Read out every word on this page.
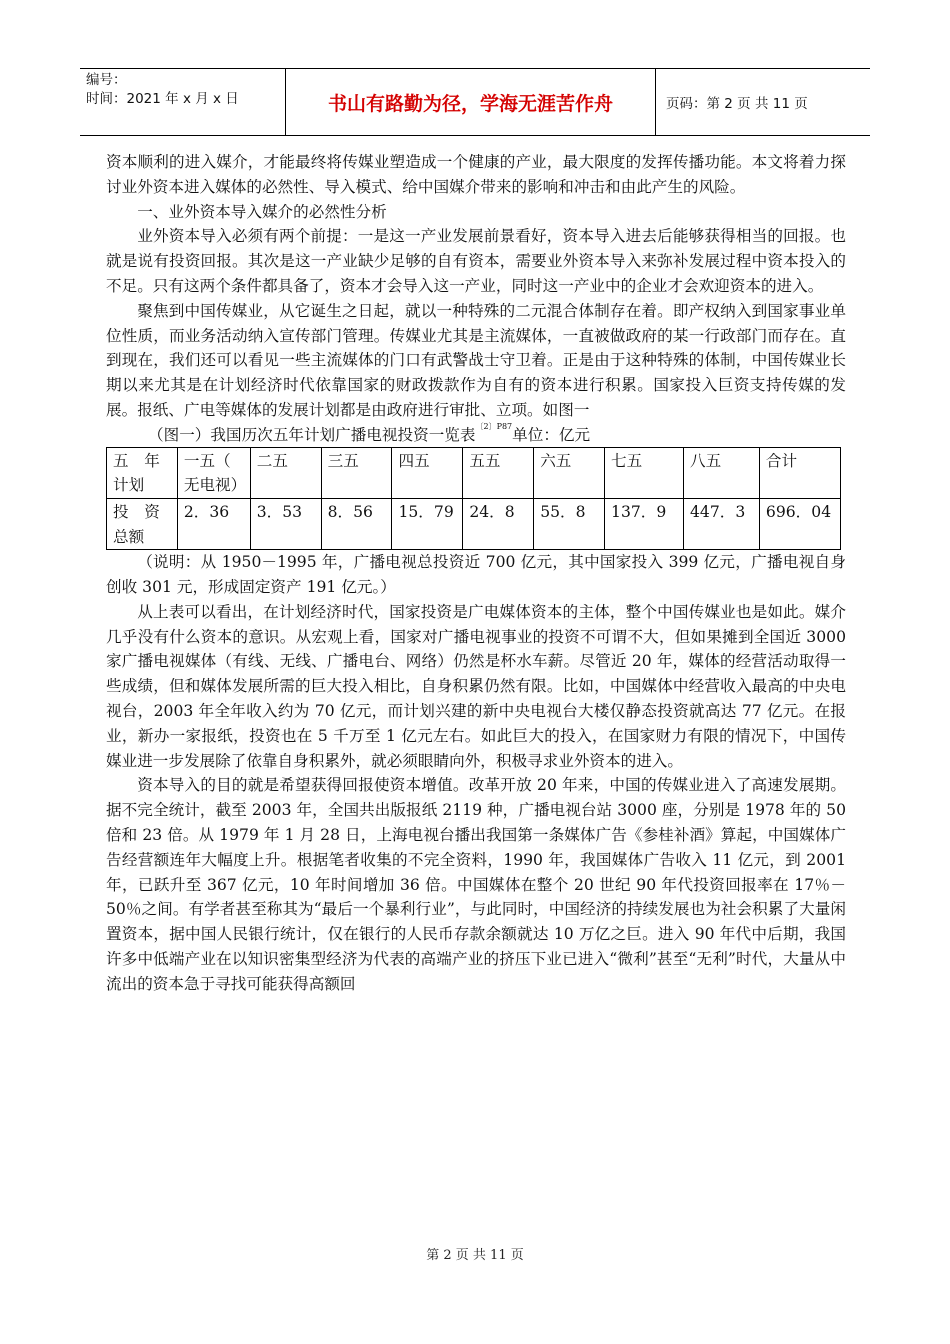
编号：
时间：2021 年 x 月 x 日	书山有路勤为径，学海无涯苦作舟	页码：第 2 页 共 11 页

资本顺利的进入媒介，才能最终将传媒业塑造成一个健康的产业，最大限度的发挥传播功能。本文将着力探讨业外资本进入媒体的必然性、导入模式、给中国媒介带来的影响和冲击和由此产生的风险。

一、业外资本导入媒介的必然性分析

业外资本导入必须有两个前提：一是这一产业发展前景看好，资本导入进去后能够获得相当的回报。也就是说有投资回报。其次是这一产业缺少足够的自有资本，需要业外资本导入来弥补发展过程中资本投入的不足。只有这两个条件都具备了，资本才会导入这一产业，同时这一产业中的企业才会欢迎资本的进入。

聚焦到中国传媒业，从它诞生之日起，就以一种特殊的二元混合体制存在着。即产权纳入到国家事业单位性质，而业务活动纳入宣传部门管理。传媒业尤其是主流媒体，一直被做政府的某一行政部门而存在。直到现在，我们还可以看见一些主流媒体的门口有武警战士守卫着。正是由于这种特殊的体制，中国传媒业长期以来尤其是在计划经济时代依靠国家的财政拨款作为自有的资本进行积累。国家投入巨资支持传媒的发展。报纸、广电等媒体的发展计划都是由政府进行审批、立项。如图一

（图一）我国历次五年计划广播电视投资一览表$^{〔2〕P87}$单位：亿元

五　年计划	一五（　无电视）	二五	三五	四五	五五	六五	七五	八五	合计
投　资总额	2．36	3．53	8．56	15．79	24．8	55．8	137．9	447．3	696．04

（说明：从 1950－1995 年，广播电视总投资近 700 亿元，其中国家投入 399 亿元，广播电视自身创收 301 元，形成固定资产 191 亿元。）

从上表可以看出，在计划经济时代，国家投资是广电媒体资本的主体，整个中国传媒业也是如此。媒介几乎没有什么资本的意识。从宏观上看，国家对广播电视事业的投资不可谓不大，但如果摊到全国近 3000 家广播电视媒体（有线、无线、广播电台、网络）仍然是杯水车薪。尽管近 20 年，媒体的经营活动取得一些成绩，但和媒体发展所需的巨大投入相比，自身积累仍然有限。比如，中国媒体中经营收入最高的中央电视台，2003 年全年收入约为 70 亿元，而计划兴建的新中央电视台大楼仅静态投资就高达 77 亿元。在报业，新办一家报纸，投资也在 5 千万至 1 亿元左右。如此巨大的投入，在国家财力有限的情况下，中国传媒业进一步发展除了依靠自身积累外，就必须眼睛向外，积极寻求业外资本的进入。

资本导入的目的就是希望获得回报使资本增值。改革开放 20 年来，中国的传媒业进入了高速发展期。据不完全统计，截至 2003 年，全国共出版报纸 2119 种，广播电视台站 3000 座，分别是 1978 年的 50 倍和 23 倍。从 1979 年 1 月 28 日，上海电视台播出我国第一条媒体广告《参桂补酒》算起，中国媒体广告经营额连年大幅度上升。根据笔者收集的不完全资料，1990 年，我国媒体广告收入 11 亿元，到 2001 年，已跃升至 367 亿元，10 年时间增加 36 倍。中国媒体在整个 20 世纪 90 年代投资回报率在 17％－50％之间。有学者甚至称其为“最后一个暴利行业”，与此同时，中国经济的持续发展也为社会积累了大量闲置资本，据中国人民银行统计，仅在银行的人民币存款余额就达 10 万亿之巨。进入 90 年代中后期，我国许多中低端产业在以知识密集型经济为代表的高端产业的挤压下业已进入“微利”甚至“无利”时代，大量从中流出的资本急于寻找可能获得高额回

第 2 页 共 11 页
